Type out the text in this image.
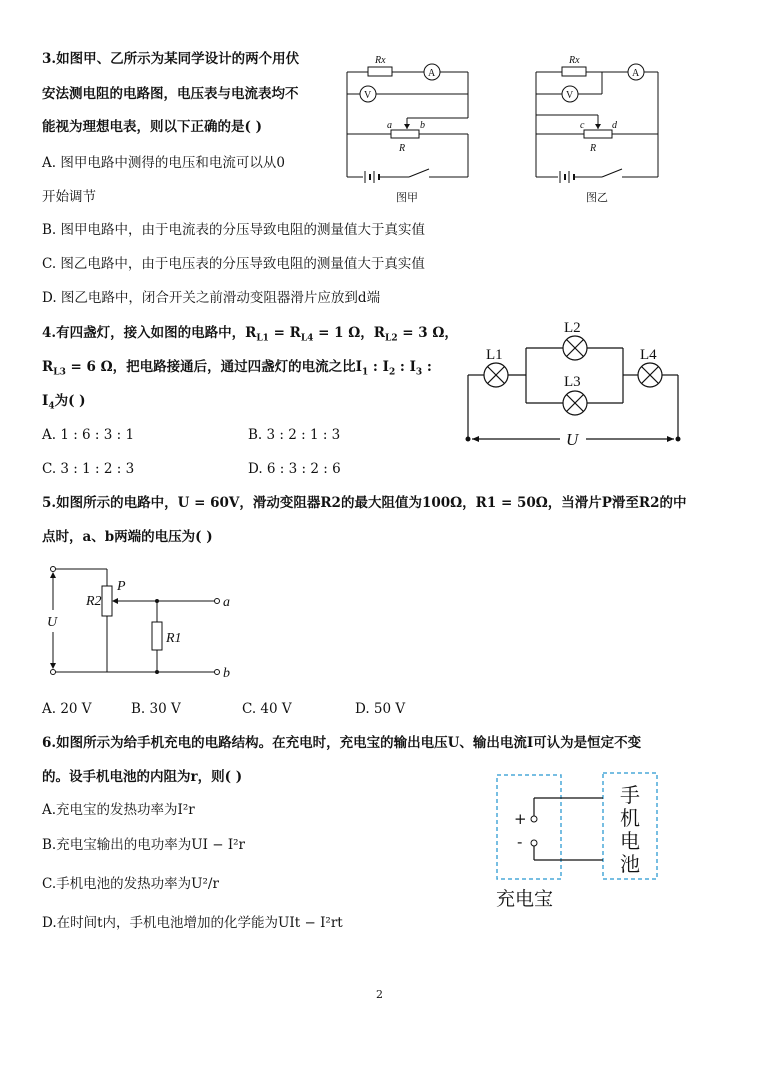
3.如图甲、乙所示为某同学设计的两个用伏
安法测电阻的电路图，电压表与电流表均不
能视为理想电表，则以下正确的是( )
A. 图甲电路中测得的电压和电流可以从0
开始调节
B. 图甲电路中，由于电流表的分压导致电阻的测量值大于真实值
C. 图乙电路中，由于电压表的分压导致电阻的测量值大于真实值
D. 图乙电路中，闭合开关之前滑动变阻器滑片应放到d端
Rx
A
V
a	b
R
图甲
Rx
A
V
c	d
R
图乙
4.有四盏灯，接入如图的电路中，$R_{L1} = R_{L4} = 1$ Ω，$R_{L2} = 3$ Ω，
$R_{L3} = 6$ Ω，把电路接通后，通过四盏灯的电流之比$I_1$ : $I_2$ : $I_3$ :
$I_4$为( )
A. 1 : 6 : 3 : 1	B. 3 : 2 : 1 : 3
C. 3 : 1 : 2 : 3	D. 6 : 3 : 2 : 6
L1
L2
L3
L4
U
5.如图所示的电路中，U = 60V，滑动变阻器R2的最大阻值为100Ω，R1 = 50Ω，当滑片P滑至R2的中
点时，a、b两端的电压为( )
A. 20 V	B. 30 V	C. 40 V	D. 50 V
U
R2
P
R1
a
b
6.如图所示为给手机充电的电路结构。在充电时，充电宝的输出电压U、输出电流I可认为是恒定不变
的。设手机电池的内阻为r，则( )
A.充电宝的发热功率为I²r
B.充电宝输出的电功率为UI − I²r
C.手机电池的发热功率为U²/r
D.在时间t内，手机电池增加的化学能为UIt − I²rt
+
-
手
机
电
池
充电宝
2
